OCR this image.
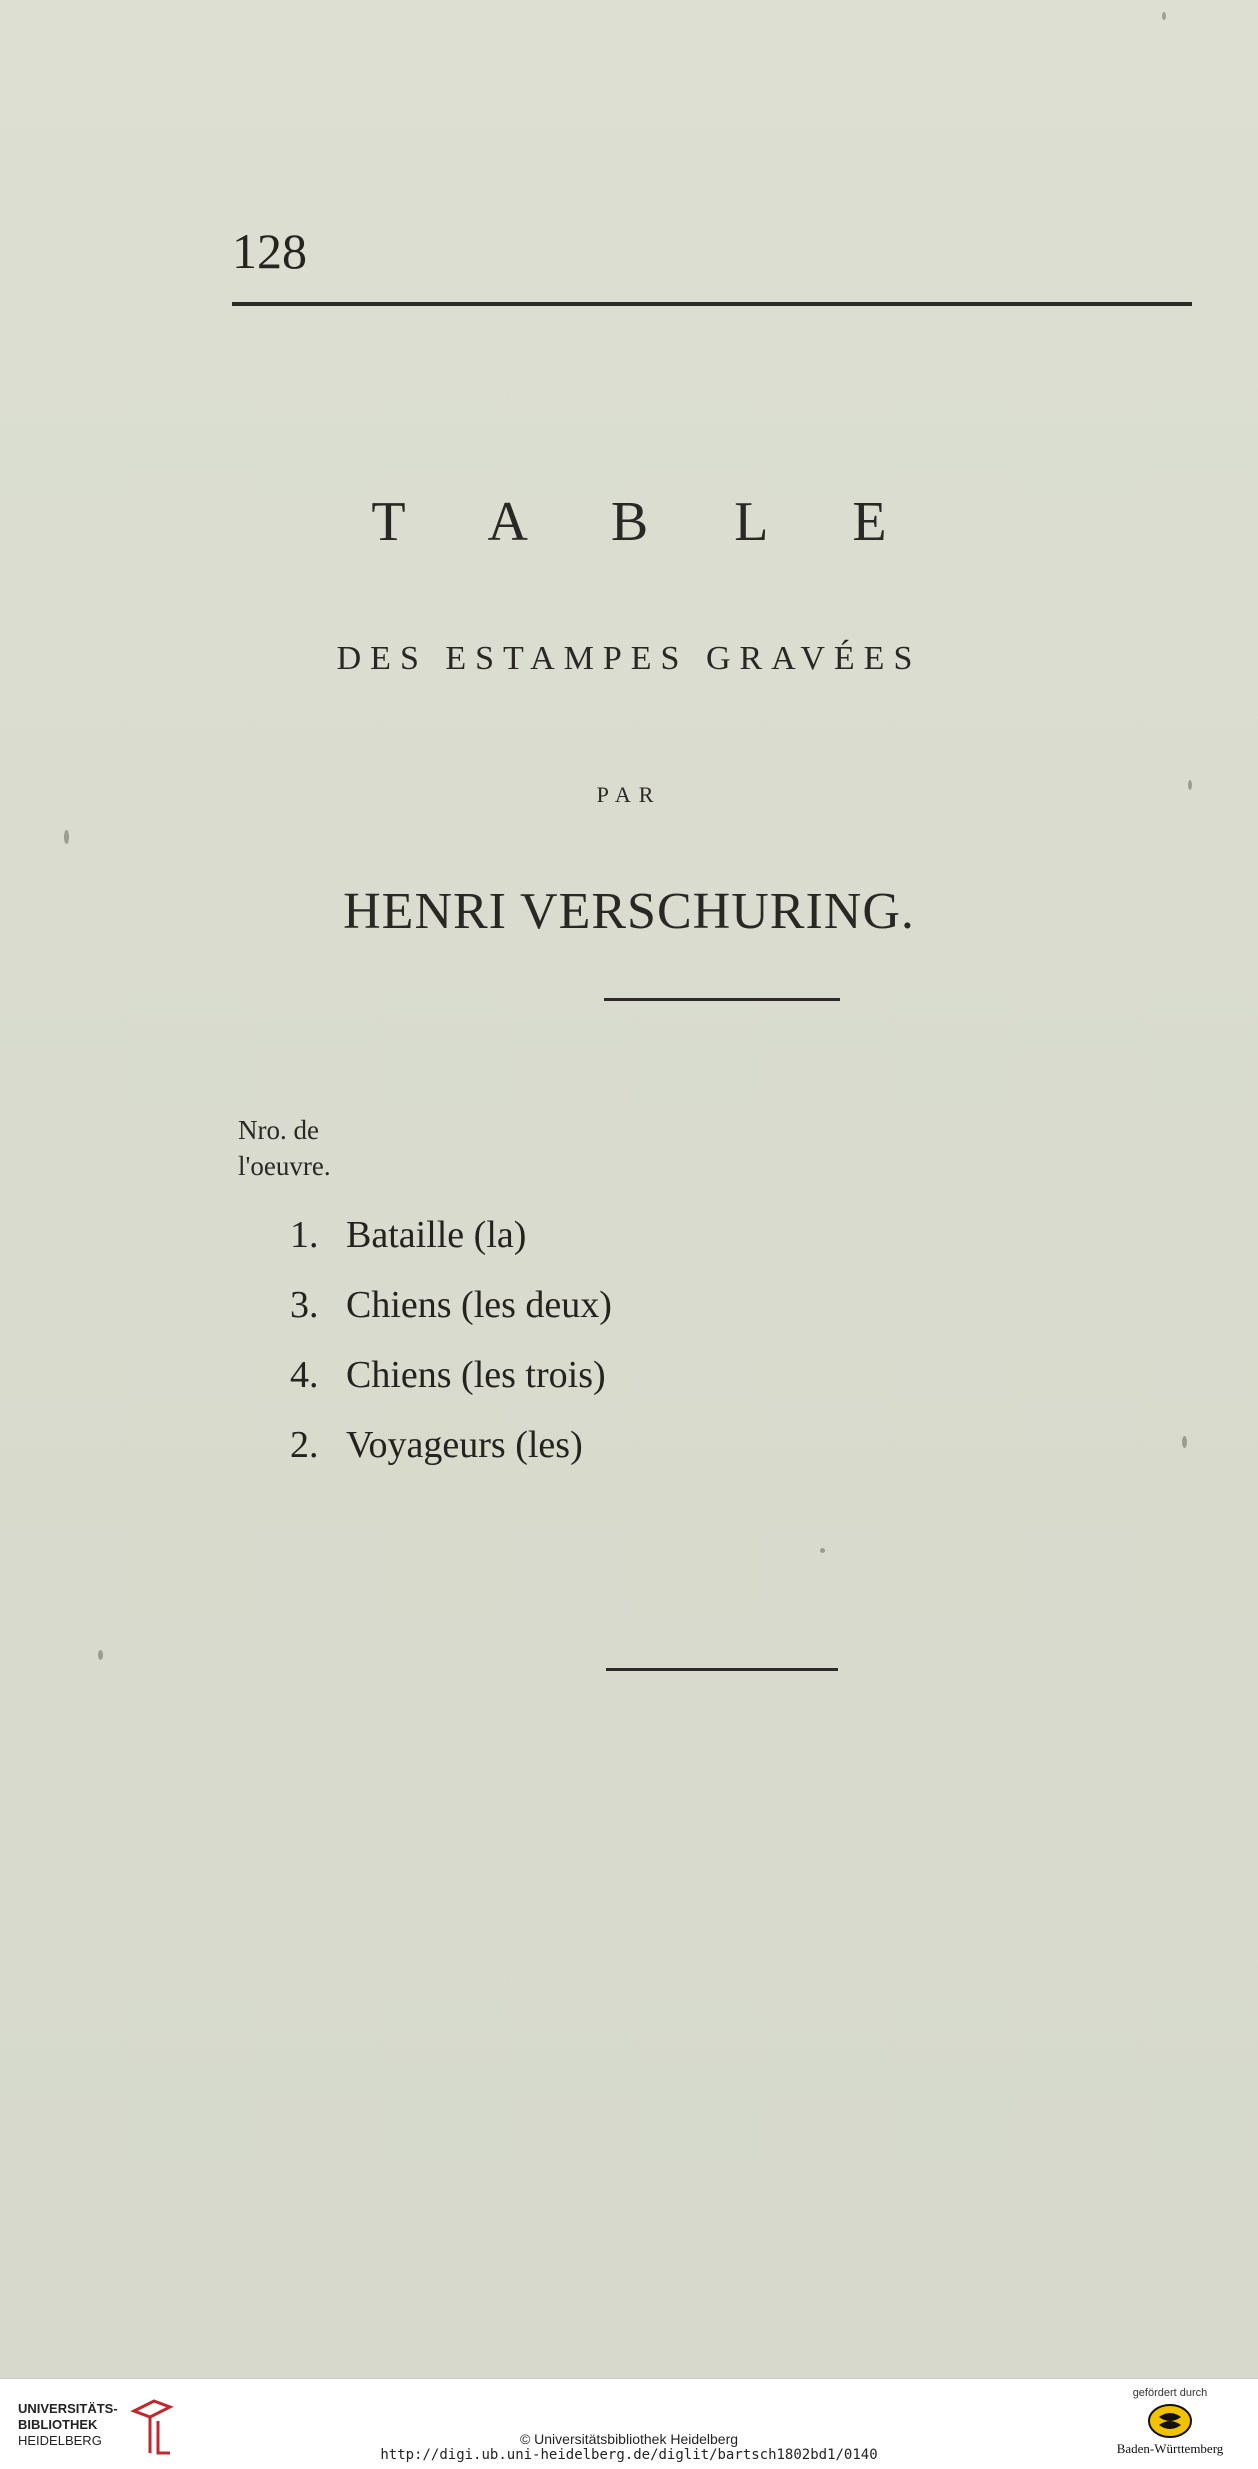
128
T A B L E
DES ESTAMPES GRAVÉES
PAR
HENRI VERSCHURING.
Nro. de
l'oeuvre.
1. Bataille (la)
3. Chiens (les deux)
4. Chiens (les trois)
2. Voyageurs (les)
UNIVERSITÄTS-
BIBLIOTHEK
HEIDELBERG	© Universitätsbibliothek Heidelberg
http://digi.ub.uni-heidelberg.de/diglit/bartsch1802bd1/0140
gefördert durch
Baden-Württemberg
